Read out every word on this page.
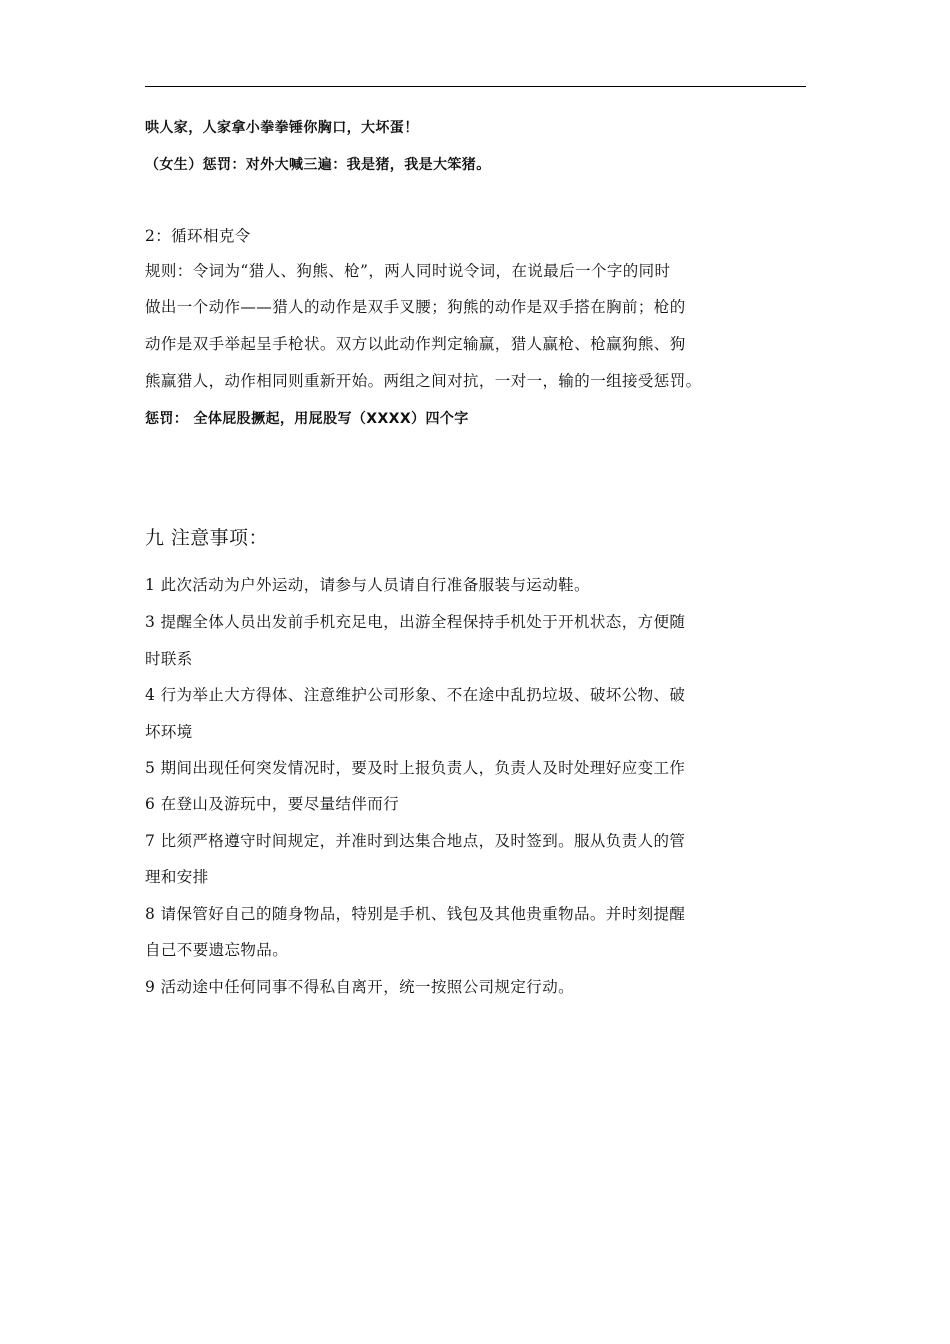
哄人家，人家拿小拳拳锤你胸口，大坏蛋！
（女生）惩罚：对外大喊三遍：我是猪，我是大笨猪。
2：循环相克令
规则：令词为“猎人、狗熊、枪”，两人同时说令词，在说最后一个字的同时
做出一个动作——猎人的动作是双手叉腰；狗熊的动作是双手搭在胸前；枪的
动作是双手举起呈手枪状。双方以此动作判定输赢，猎人赢枪、枪赢狗熊、狗
熊赢猎人，动作相同则重新开始。两组之间对抗，一对一，输的一组接受惩罚。
惩罚： 全体屁股撅起，用屁股写（XXXX）四个字
九 注意事项：
1 此次活动为户外运动，请参与人员请自行准备服装与运动鞋。
3 提醒全体人员出发前手机充足电，出游全程保持手机处于开机状态，方便随
时联系
4 行为举止大方得体、注意维护公司形象、不在途中乱扔垃圾、破坏公物、破
坏环境
5 期间出现任何突发情况时，要及时上报负责人，负责人及时处理好应变工作
6 在登山及游玩中，要尽量结伴而行
7 比须严格遵守时间规定，并准时到达集合地点，及时签到。服从负责人的管
理和安排
8 请保管好自己的随身物品，特别是手机、钱包及其他贵重物品。并时刻提醒
自己不要遗忘物品。
9 活动途中任何同事不得私自离开，统一按照公司规定行动。
